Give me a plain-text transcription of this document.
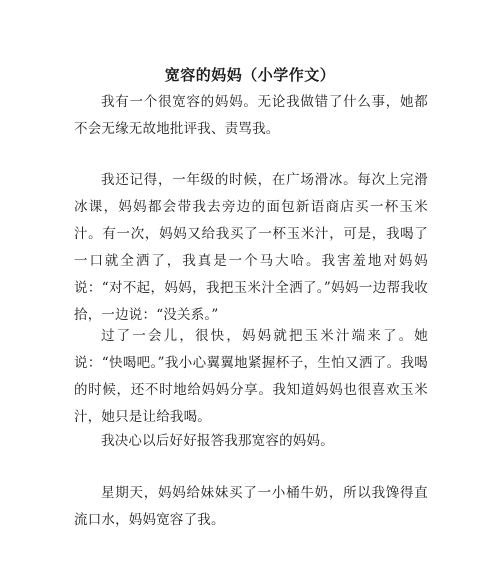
宽容的妈妈（小学作文）

我有一个很宽容的妈妈。无论我做错了什么事，她都不会无缘无故地批评我、责骂我。

我还记得，一年级的时候，在广场滑冰。每次上完滑冰课，妈妈都会带我去旁边的面包新语商店买一杯玉米汁。有一次，妈妈又给我买了一杯玉米汁，可是，我喝了一口就全洒了，我真是一个马大哈。我害羞地对妈妈说：“对不起，妈妈，我把玉米汁全洒了。”妈妈一边帮我收拾，一边说：“没关系。”

过了一会儿，很快，妈妈就把玉米汁端来了。她说：“快喝吧。”我小心翼翼地紧握杯子，生怕又洒了。我喝的时候，还不时地给妈妈分享。我知道妈妈也很喜欢玉米汁，她只是让给我喝。

我决心以后好好报答我那宽容的妈妈。

星期天，妈妈给妹妹买了一小桶牛奶，所以我馋得直流口水，妈妈宽容了我。
